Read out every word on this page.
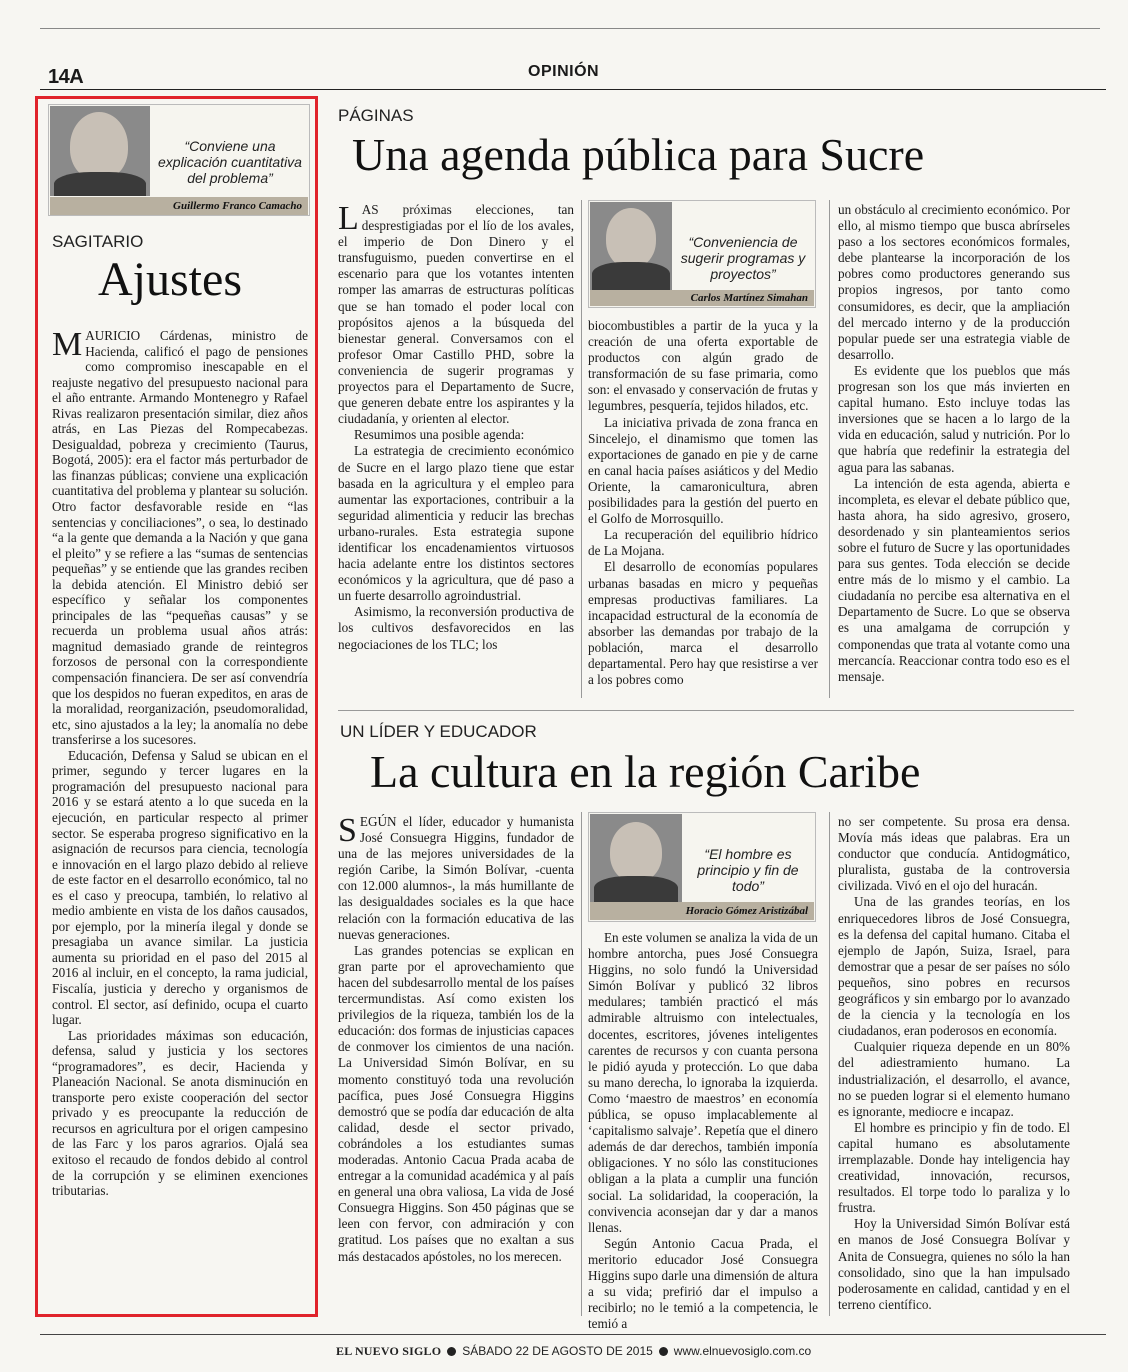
14A	OPINIÓN
“Conviene una explicación cuantitativa del problema”
Guillermo Franco Camacho
SAGITARIO
Ajustes

MAURICIO Cárdenas, ministro de Hacienda, calificó el pago de pensiones como compromiso inescapable en el reajuste negativo del presupuesto nacional para el año entrante. Armando Montenegro y Rafael Rivas realizaron presentación similar, diez años atrás, en Las Piezas del Rompecabezas. Desigualdad, pobreza y crecimiento (Taurus, Bogotá, 2005): era el factor más perturbador de las finanzas públicas; conviene una explicación cuantitativa del problema y plantear su solución. Otro factor desfavorable reside en “las sentencias y conciliaciones”, o sea, lo destinado “a la gente que demanda a la Nación y que gana el pleito” y se refiere a las “sumas de sentencias pequeñas” y se entiende que las grandes reciben la debida atención. El Ministro debió ser específico y señalar los componentes principales de las “pequeñas causas” y se recuerda un problema usual años atrás: magnitud demasiado grande de reintegros forzosos de personal con la correspondiente compensación financiera. De ser así convendría que los despidos no fueran expeditos, en aras de la moralidad, reorganización, pseudomoralidad, etc, sino ajustados a la ley; la anomalía no debe transferirse a los sucesores.

Educación, Defensa y Salud se ubican en el primer, segundo y tercer lugares en la programación del presupuesto nacional para 2016 y se estará atento a lo que suceda en la ejecución, en particular respecto al primer sector. Se esperaba progreso significativo en la asignación de recursos para ciencia, tecnología e innovación en el largo plazo debido al relieve de este factor en el desarrollo económico, tal no es el caso y preocupa, también, lo relativo al medio ambiente en vista de los daños causados, por ejemplo, por la minería ilegal y donde se presagiaba un avance similar. La justicia aumenta su prioridad en el paso del 2015 al 2016 al incluir, en el concepto, la rama judicial, Fiscalía, justicia y derecho y organismos de control. El sector, así definido, ocupa el cuarto lugar.

Las prioridades máximas son educación, defensa, salud y justicia y los sectores “programadores”, es decir, Hacienda y Planeación Nacional. Se anota disminución en transporte pero existe cooperación del sector privado y es preocupante la reducción de recursos en agricultura por el origen campesino de las Farc y los paros agrarios. Ojalá sea exitoso el recaudo de fondos debido al control de la corrupción y se eliminen exenciones tributarias.

PÁGINAS
Una agenda pública para Sucre

LAS próximas elecciones, tan desprestigiadas por el lío de los avales, el imperio de Don Dinero y el transfuguismo, pueden convertirse en el escenario para que los votantes intenten romper las amarras de estructuras políticas que se han tomado el poder local con propósitos ajenos a la búsqueda del bienestar general. Conversamos con el profesor Omar Castillo PHD, sobre la conveniencia de sugerir programas y proyectos para el Departamento de Sucre, que generen debate entre los aspirantes y la ciudadanía, y orienten al elector.

Resumimos una posible agenda:

La estrategia de crecimiento económico de Sucre en el largo plazo tiene que estar basada en la agricultura y el empleo para aumentar las exportaciones, contribuir a la seguridad alimenticia y reducir las brechas urbano-rurales. Esta estrategia supone identificar los encadenamientos virtuosos hacia adelante entre los distintos sectores económicos y la agricultura, que dé paso a un fuerte desarrollo agroindustrial.

Asimismo, la reconversión productiva de los cultivos desfavorecidos en las negociaciones de los TLC; los

“Conveniencia de sugerir programas y proyectos”
Carlos Martínez Simahan

biocombustibles a partir de la yuca y la creación de una oferta exportable de productos con algún grado de transformación de su fase primaria, como son: el envasado y conservación de frutas y legumbres, pesquería, tejidos hilados, etc.

La iniciativa privada de zona franca en Sincelejo, el dinamismo que tomen las exportaciones de ganado en pie y de carne en canal hacia países asiáticos y del Medio Oriente, la camaronicultura, abren posibilidades para la gestión del puerto en el Golfo de Morrosquillo.

La recuperación del equilibrio hídrico de La Mojana.

El desarrollo de economías populares urbanas basadas en micro y pequeñas empresas productivas familiares. La incapacidad estructural de la economía de absorber las demandas por trabajo de la población, marca el desarrollo departamental. Pero hay que resistirse a ver a los pobres como

un obstáculo al crecimiento económico. Por ello, al mismo tiempo que busca abrírseles paso a los sectores económicos formales, debe plantearse la incorporación de los pobres como productores generando sus propios ingresos, por tanto como consumidores, es decir, que la ampliación del mercado interno y de la producción popular puede ser una estrategia viable de desarrollo.

Es evidente que los pueblos que más progresan son los que más invierten en capital humano. Esto incluye todas las inversiones que se hacen a lo largo de la vida en educación, salud y nutrición. Por lo que habría que redefinir la estrategia del agua para las sabanas.

La intención de esta agenda, abierta e incompleta, es elevar el debate público que, hasta ahora, ha sido agresivo, grosero, desordenado y sin planteamientos serios sobre el futuro de Sucre y las oportunidades para sus gentes. Toda elección se decide entre más de lo mismo y el cambio. La ciudadanía no percibe esa alternativa en el Departamento de Sucre. Lo que se observa es una amalgama de corrupción y componendas que trata al votante como una mercancía. Reaccionar contra todo eso es el mensaje.

UN LÍDER Y EDUCADOR
La cultura en la región Caribe

SEGÚN el líder, educador y humanista José Consuegra Higgins, fundador de una de las mejores universidades de la región Caribe, la Simón Bolívar, -cuenta con 12.000 alumnos-, la más humillante de las desigualdades sociales es la que hace relación con la formación educativa de las nuevas generaciones.

Las grandes potencias se explican en gran parte por el aprovechamiento que hacen del subdesarrollo mental de los países tercermundistas. Así como existen los privilegios de la riqueza, también los de la educación: dos formas de injusticias capaces de conmover los cimientos de una nación. La Universidad Simón Bolívar, en su momento constituyó toda una revolución pacífica, pues José Consuegra Higgins demostró que se podía dar educación de alta calidad, desde el sector privado, cobrándoles a los estudiantes sumas moderadas. Antonio Cacua Prada acaba de entregar a la comunidad académica y al país en general una obra valiosa, La vida de José Consuegra Higgins. Son 450 páginas que se leen con fervor, con admiración y con gratitud. Los países que no exaltan a sus más destacados apóstoles, no los merecen.

“El hombre es principio y fin de todo”
Horacio Gómez Aristizábal

En este volumen se analiza la vida de un hombre antorcha, pues José Consuegra Higgins, no solo fundó la Universidad Simón Bolívar y publicó 32 libros medulares; también practicó el más admirable altruismo con intelectuales, docentes, escritores, jóvenes inteligentes carentes de recursos y con cuanta persona le pidió ayuda y protección. Lo que daba su mano derecha, lo ignoraba la izquierda. Como ‘maestro de maestros’ en economía pública, se opuso implacablemente al ‘capitalismo salvaje’. Repetía que el dinero además de dar derechos, también imponía obligaciones. Y no sólo las constituciones obligan a la plata a cumplir una función social. La solidaridad, la cooperación, la convivencia aconsejan dar y dar a manos llenas.

Según Antonio Cacua Prada, el meritorio educador José Consuegra Higgins supo darle una dimensión de altura a su vida; prefirió dar el impulso a recibirlo; no le temió a la competencia, le temió a

no ser competente. Su prosa era densa. Movía más ideas que palabras. Era un conductor que conducía. Antidogmático, pluralista, gustaba de la controversia civilizada. Vivó en el ojo del huracán.

Una de las grandes teorías, en los enriquecedores libros de José Consuegra, es la defensa del capital humano. Citaba el ejemplo de Japón, Suiza, Israel, para demostrar que a pesar de ser países no sólo pequeños, sino pobres en recursos geográficos y sin embargo por lo avanzado de la ciencia y la tecnología en los ciudadanos, eran poderosos en economía.

Cualquier riqueza depende en un 80% del adiestramiento humano. La industrialización, el desarrollo, el avance, no se pueden lograr si el elemento humano es ignorante, mediocre e incapaz.

El hombre es principio y fin de todo. El capital humano es absolutamente irremplazable. Donde hay inteligencia hay creatividad, innovación, recursos, resultados. El torpe todo lo paraliza y lo frustra.

Hoy la Universidad Simón Bolívar está en manos de José Consuegra Bolívar y Anita de Consuegra, quienes no sólo la han consolidado, sino que la han impulsado poderosamente en calidad, cantidad y en el terreno científico.

EL NUEVO SIGLO SÁBADO 22 DE AGOSTO DE 2015 www.elnuevosiglo.com.co
